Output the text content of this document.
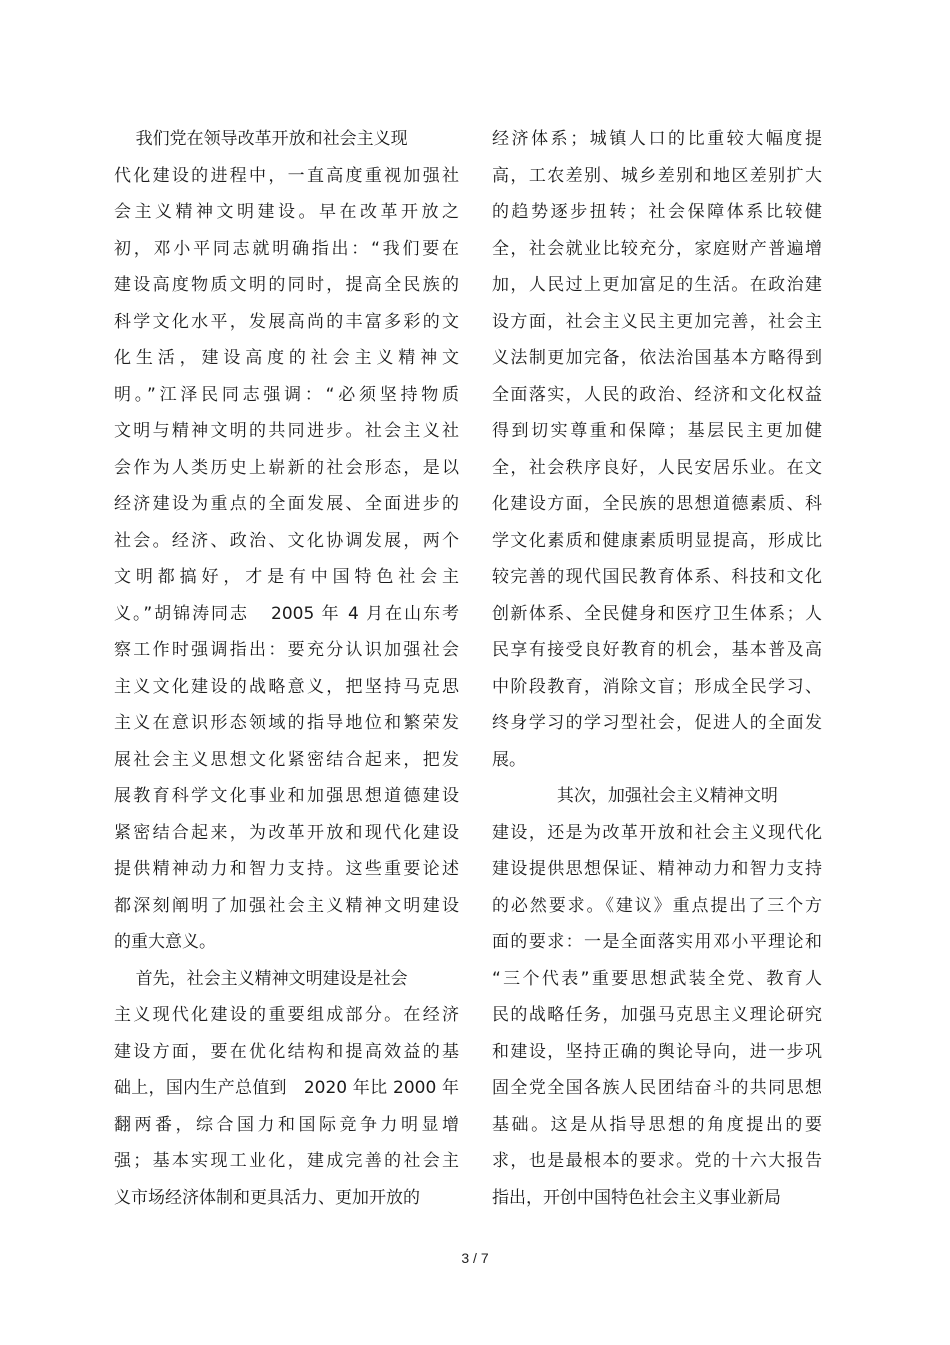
我们党在领导改革开放和社会主义现
代化建设的进程中，一直高度重视加强社
会主义精神文明建设。早在改革开放之
初，邓小平同志就明确指出：“我们要在
建设高度物质文明的同时，提高全民族的
科学文化水平，发展高尚的丰富多彩的文
化生活，建设高度的社会主义精神文
明。”江泽民同志强调：“必须坚持物质
文明与精神文明的共同进步。社会主义社
会作为人类历史上崭新的社会形态，是以
经济建设为重点的全面发展、全面进步的
社会。经济、政治、文化协调发展，两个
文明都搞好，才是有中国特色社会主
义。”胡锦涛同志   2005 年 4 月在山东考
察工作时强调指出：要充分认识加强社会
主义文化建设的战略意义，把坚持马克思
主义在意识形态领域的指导地位和繁荣发
展社会主义思想文化紧密结合起来，把发
展教育科学文化事业和加强思想道德建设
紧密结合起来，为改革开放和现代化建设
提供精神动力和智力支持。这些重要论述
都深刻阐明了加强社会主义精神文明建设
的重大意义。
首先，社会主义精神文明建设是社会
主义现代化建设的重要组成部分。在经济
建设方面，要在优化结构和提高效益的基
础上，国内生产总值到   2020 年比 2000 年
翻两番，综合国力和国际竞争力明显增
强；基本实现工业化，建成完善的社会主
义市场经济体制和更具活力、更加开放的
经济体系；城镇人口的比重较大幅度提
高，工农差别、城乡差别和地区差别扩大
的趋势逐步扭转；社会保障体系比较健
全，社会就业比较充分，家庭财产普遍增
加，人民过上更加富足的生活。在政治建
设方面，社会主义民主更加完善，社会主
义法制更加完备，依法治国基本方略得到
全面落实，人民的政治、经济和文化权益
得到切实尊重和保障；基层民主更加健
全，社会秩序良好，人民安居乐业。在文
化建设方面，全民族的思想道德素质、科
学文化素质和健康素质明显提高，形成比
较完善的现代国民教育体系、科技和文化
创新体系、全民健身和医疗卫生体系；人
民享有接受良好教育的机会，基本普及高
中阶段教育，消除文盲；形成全民学习、
终身学习的学习型社会，促进人的全面发
展。
其次，加强社会主义精神文明
建设，还是为改革开放和社会主义现代化
建设提供思想保证、精神动力和智力支持
的必然要求。《建议》重点提出了三个方
面的要求：一是全面落实用邓小平理论和
“三个代表”重要思想武装全党、教育人
民的战略任务，加强马克思主义理论研究
和建设，坚持正确的舆论导向，进一步巩
固全党全国各族人民团结奋斗的共同思想
基础。这是从指导思想的角度提出的要
求，也是最根本的要求。党的十六大报告
指出，开创中国特色社会主义事业新局
3 / 7
